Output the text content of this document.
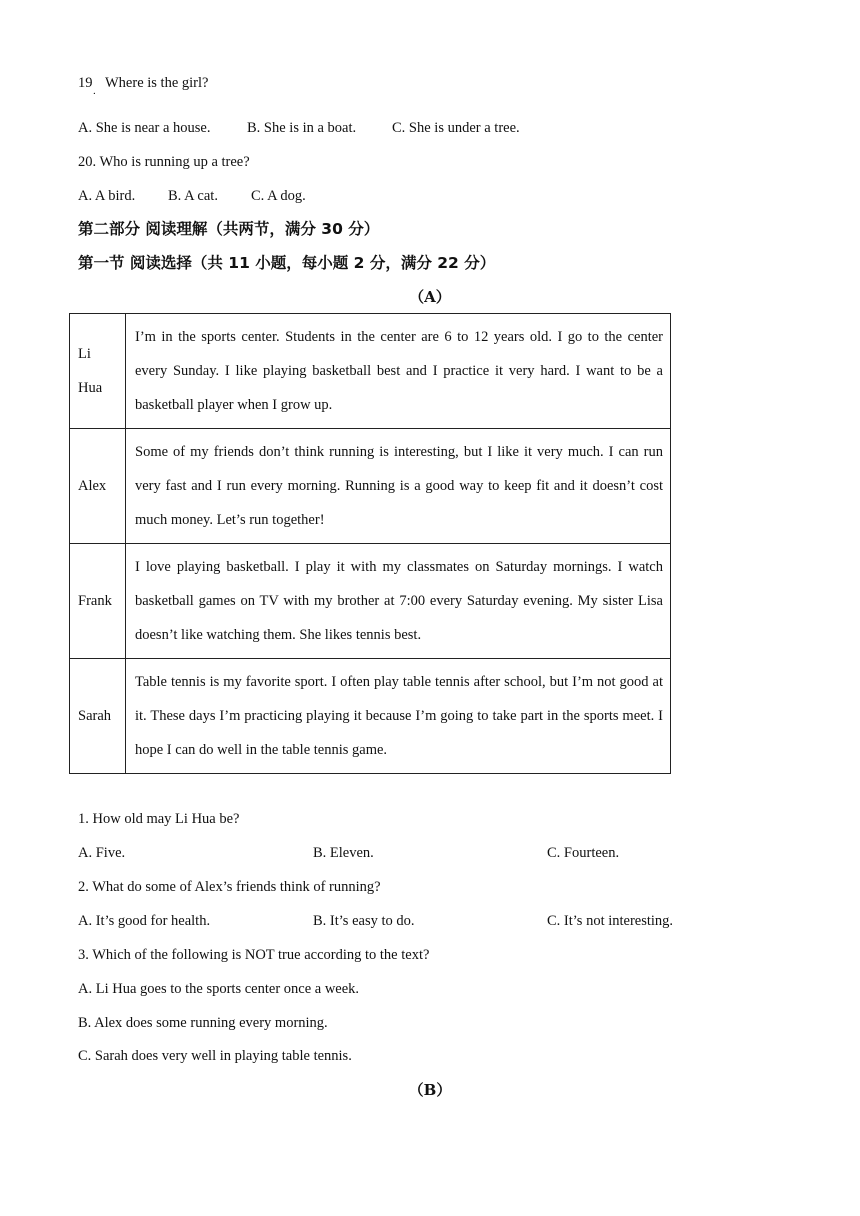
19 . Where is the girl?
A. She is near a house.	B. She is in a boat. C. She is under a tree.
20. Who is running up a tree?
A. A bird. B. A cat. C. A dog.
第二部分 阅读理解（共两节，满分 30 分）
第一节 阅读选择（共 11 小题，每小题 2 分，满分 22 分）
（A）
Li
Hua	I’m in the sports center. Students in the center are 6 to 12 years old. I go to the center every Sunday. I like playing basketball best and I practice it very hard. I want to be a basketball player when I grow up.
Alex	Some of my friends don’t think running is interesting, but I like it very much. I can run very fast and I run every morning. Running is a good way to keep fit and it doesn’t cost much money. Let’s run together!
Frank	I love playing basketball. I play it with my classmates on Saturday mornings. I watch basketball games on TV with my brother at 7:00 every Saturday evening. My sister Lisa doesn’t like watching them. She likes tennis best.
Sarah	Table tennis is my favorite sport. I often play table tennis after school, but I’m not good at it. These days I’m practicing playing it because I’m going to take part in the sports meet. I hope I can do well in the table tennis game.
1. How old may Li Hua be?
A. Five.	B. Eleven.	C. Fourteen.
2. What do some of Alex’s friends think of running?
A. It’s good for health.	B. It’s easy to do.	C. It’s not interesting.
3. Which of the following is NOT true according to the text?
A. Li Hua goes to the sports center once a week.
B. Alex does some running every morning.
C. Sarah does very well in playing table tennis.
（B）
